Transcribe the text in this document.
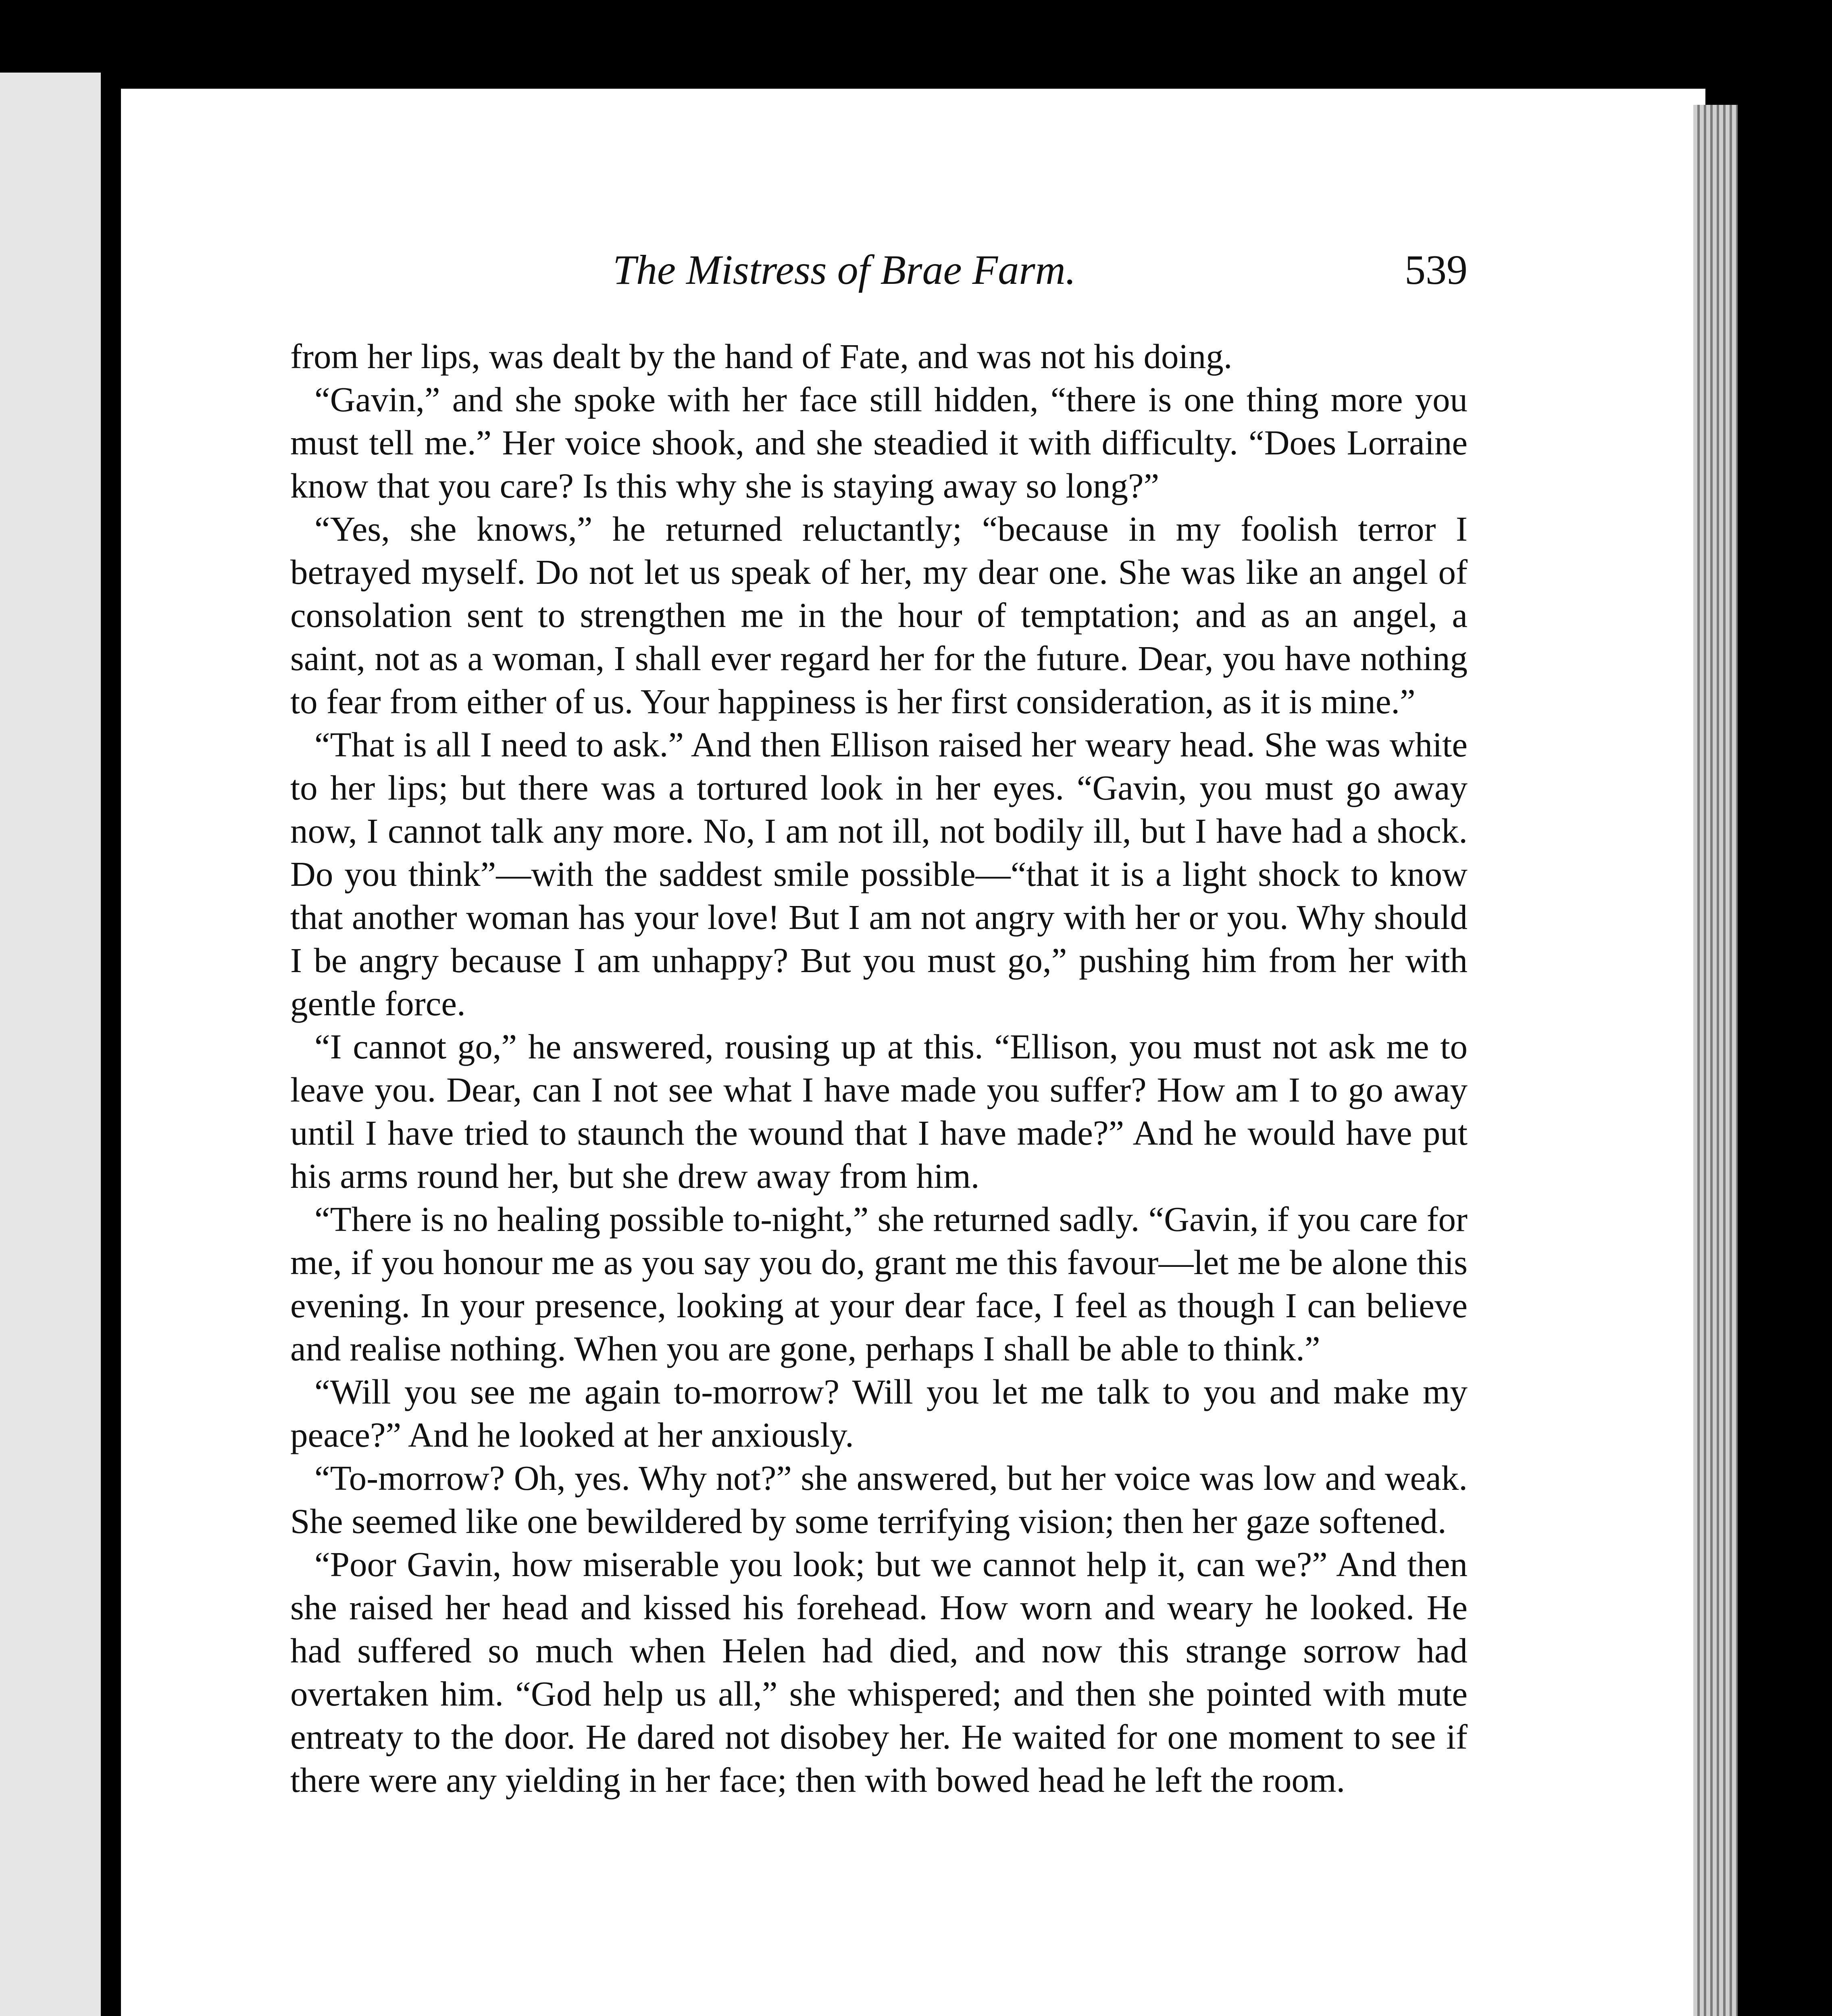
The Mistress of Brae Farm.	539

from her lips, was dealt by the hand of Fate, and was not his doing.

“Gavin,” and she spoke with her face still hidden, “there is one thing more you must tell me.” Her voice shook, and she steadied it with difficulty. “Does Lorraine know that you care? Is this why she is staying away so long?”

“Yes, she knows,” he returned reluctantly; “because in my foolish terror I betrayed myself. Do not let us speak of her, my dear one. She was like an angel of consolation sent to strengthen me in the hour of temptation; and as an angel, a saint, not as a woman, I shall ever regard her for the future. Dear, you have nothing to fear from either of us. Your happiness is her first consideration, as it is mine.”

“That is all I need to ask.” And then Ellison raised her weary head. She was white to her lips; but there was a tortured look in her eyes. “Gavin, you must go away now, I cannot talk any more. No, I am not ill, not bodily ill, but I have had a shock. Do you think”—with the saddest smile possible—“that it is a light shock to know that another woman has your love! But I am not angry with her or you. Why should I be angry because I am unhappy? But you must go,” pushing him from her with gentle force.

“I cannot go,” he answered, rousing up at this. “Ellison, you must not ask me to leave you. Dear, can I not see what I have made you suffer? How am I to go away until I have tried to staunch the wound that I have made?” And he would have put his arms round her, but she drew away from him.

“There is no healing possible to-night,” she returned sadly. “Gavin, if you care for me, if you honour me as you say you do, grant me this favour—let me be alone this evening. In your presence, looking at your dear face, I feel as though I can believe and realise nothing. When you are gone, perhaps I shall be able to think.”

“Will you see me again to-morrow? Will you let me talk to you and make my peace?” And he looked at her anxiously.

“To-morrow? Oh, yes. Why not?” she answered, but her voice was low and weak. She seemed like one bewildered by some terrifying vision; then her gaze softened.

“Poor Gavin, how miserable you look; but we cannot help it, can we?” And then she raised her head and kissed his forehead. How worn and weary he looked. He had suffered so much when Helen had died, and now this strange sorrow had overtaken him. “God help us all,” she whispered; and then she pointed with mute entreaty to the door. He dared not disobey her. He waited for one moment to see if there were any yielding in her face; then with bowed head he left the room.
